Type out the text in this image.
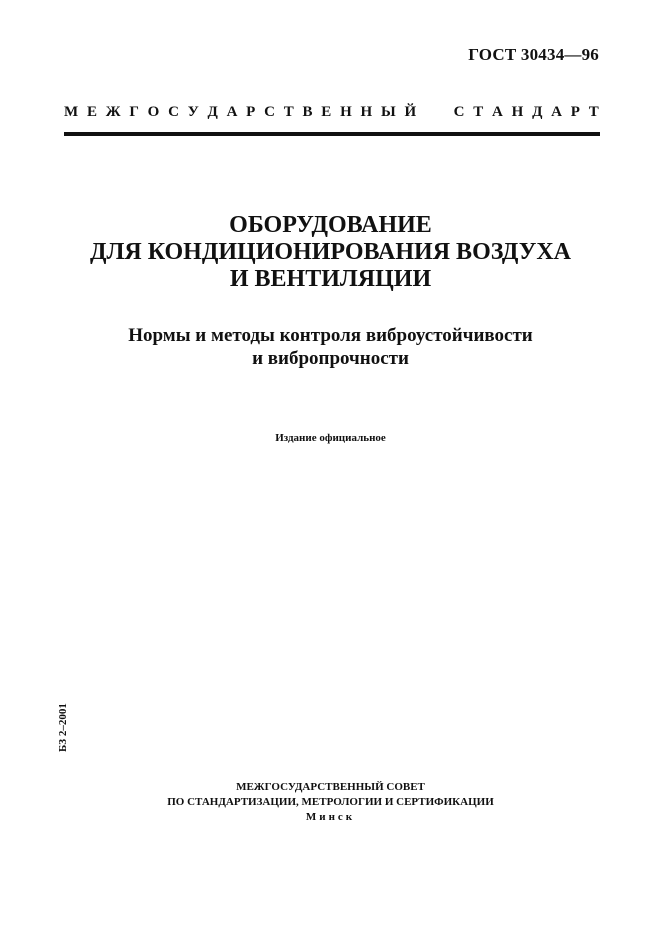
ГОСТ 30434—96
М Е Ж Г О С У Д А Р С Т В Е Н Н Ы Й	С Т А Н Д А Р Т
ОБОРУДОВАНИЕ
ДЛЯ КОНДИЦИОНИРОВАНИЯ ВОЗДУХА
И ВЕНТИЛЯЦИИ
Нормы и методы контроля виброустойчивости
и вибропрочности
Издание официальное
БЗ 2–2001
МЕЖГОСУДАРСТВЕННЫЙ СОВЕТ
ПО СТАНДАРТИЗАЦИИ, МЕТРОЛОГИИ И СЕРТИФИКАЦИИ
Минск
